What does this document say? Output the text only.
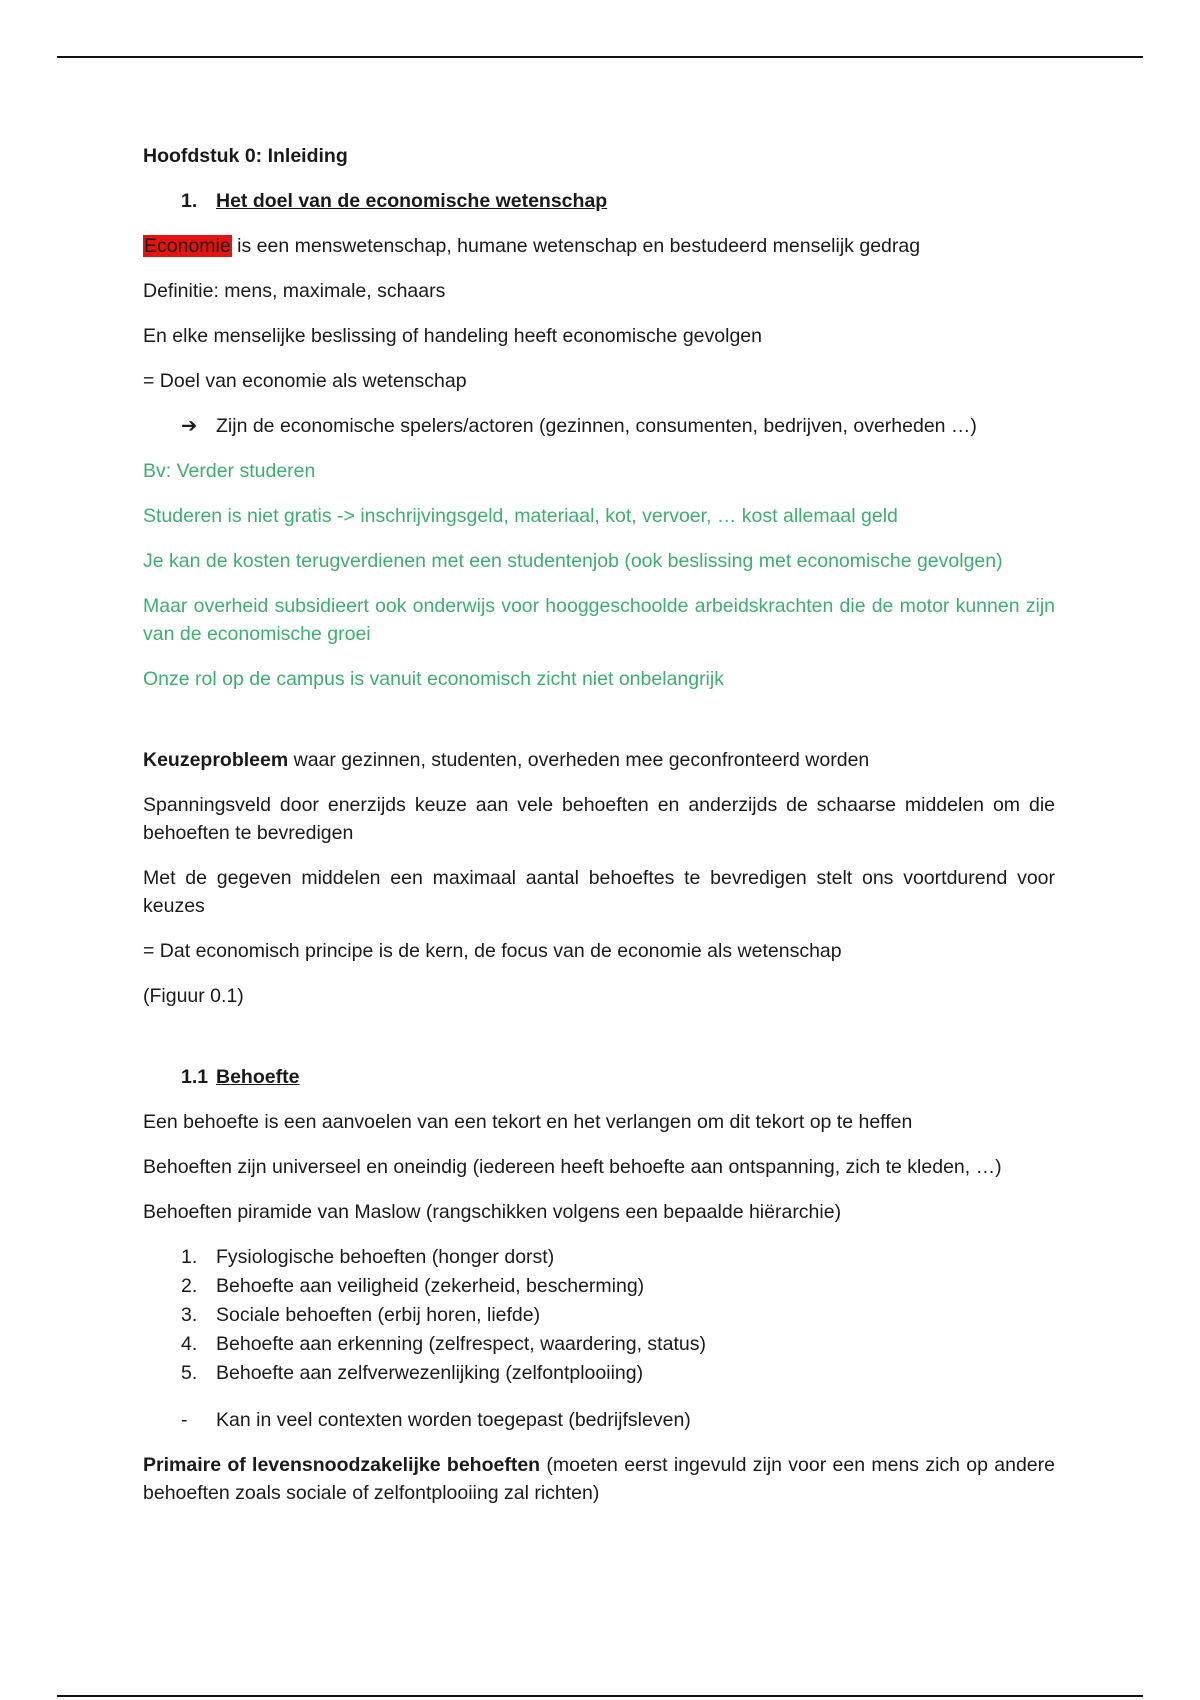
Hoofdstuk 0: Inleiding

1. Het doel van de economische wetenschap

Economie is een menswetenschap, humane wetenschap en bestudeerd menselijk gedrag

Definitie: mens, maximale, schaars

En elke menselijke beslissing of handeling heeft economische gevolgen

= Doel van economie als wetenschap

➔ Zijn de economische spelers/actoren (gezinnen, consumenten, bedrijven, overheden …)

Bv: Verder studeren

Studeren is niet gratis -> inschrijvingsgeld, materiaal, kot, vervoer, … kost allemaal geld

Je kan de kosten terugverdienen met een studentenjob (ook beslissing met economische gevolgen)

Maar overheid subsidieert ook onderwijs voor hooggeschoolde arbeidskrachten die de motor kunnen zijn van de economische groei

Onze rol op de campus is vanuit economisch zicht niet onbelangrijk

Keuzeprobleem waar gezinnen, studenten, overheden mee geconfronteerd worden

Spanningsveld door enerzijds keuze aan vele behoeften en anderzijds de schaarse middelen om die behoeften te bevredigen

Met de gegeven middelen een maximaal aantal behoeftes te bevredigen stelt ons voortdurend voor keuzes

= Dat economisch principe is de kern, de focus van de economie als wetenschap

(Figuur 0.1)

1.1 Behoefte

Een behoefte is een aanvoelen van een tekort en het verlangen om dit tekort op te heffen

Behoeften zijn universeel en oneindig (iedereen heeft behoefte aan ontspanning, zich te kleden, …)

Behoeften piramide van Maslow (rangschikken volgens een bepaalde hiërarchie)

1. Fysiologische behoeften (honger dorst)
2. Behoefte aan veiligheid (zekerheid, bescherming)
3. Sociale behoeften (erbij horen, liefde)
4. Behoefte aan erkenning (zelfrespect, waardering, status)
5. Behoefte aan zelfverwezenlijking (zelfontplooiing)

- Kan in veel contexten worden toegepast (bedrijfsleven)

Primaire of levensnoodzakelijke behoeften (moeten eerst ingevuld zijn voor een mens zich op andere behoeften zoals sociale of zelfontplooiing zal richten)
